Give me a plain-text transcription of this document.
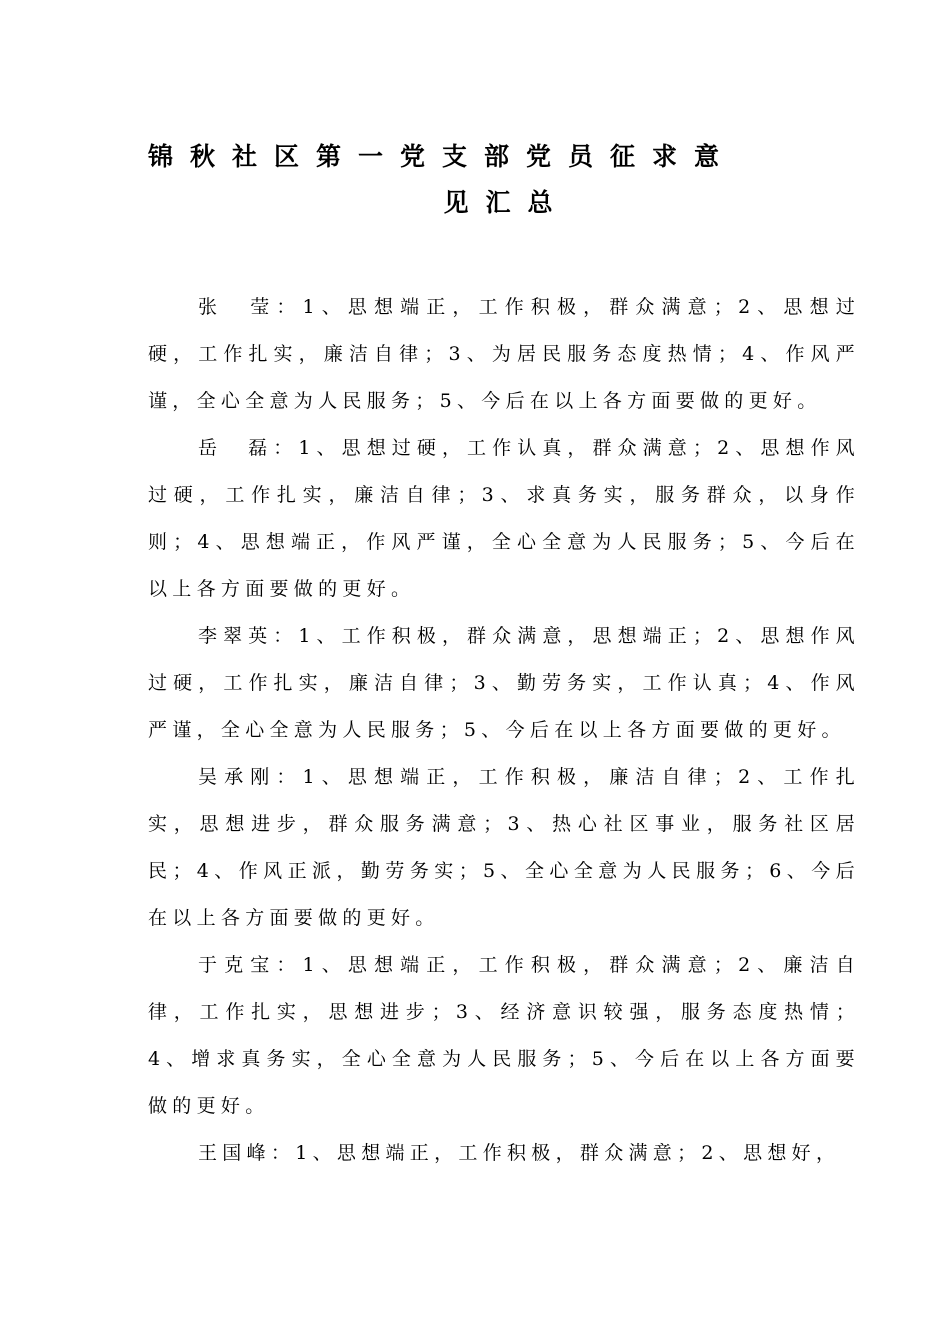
锦秋社区第一党支部党员征求意
见汇总

张　莹：1、思想端正，工作积极，群众满意；2、思想过硬，工作扎实，廉洁自律；3、为居民服务态度热情；4、作风严谨，全心全意为人民服务；5、今后在以上各方面要做的更好。

岳　磊：1、思想过硬，工作认真，群众满意；2、思想作风过硬，工作扎实，廉洁自律；3、求真务实，服务群众，以身作则；4、思想端正，作风严谨，全心全意为人民服务；5、今后在以上各方面要做的更好。

李翠英：1、工作积极，群众满意，思想端正；2、思想作风过硬，工作扎实，廉洁自律；3、勤劳务实，工作认真；4、作风严谨，全心全意为人民服务；5、今后在以上各方面要做的更好。

吴承刚：1、思想端正，工作积极，廉洁自律；2、工作扎实，思想进步，群众服务满意；3、热心社区事业，服务社区居民；4、作风正派，勤劳务实；5、全心全意为人民服务；6、今后在以上各方面要做的更好。

于克宝：1、思想端正，工作积极，群众满意；2、廉洁自律，工作扎实，思想进步；3、经济意识较强，服务态度热情；4、增求真务实，全心全意为人民服务；5、今后在以上各方面要做的更好。

王国峰：1、思想端正，工作积极，群众满意；2、思想好，
